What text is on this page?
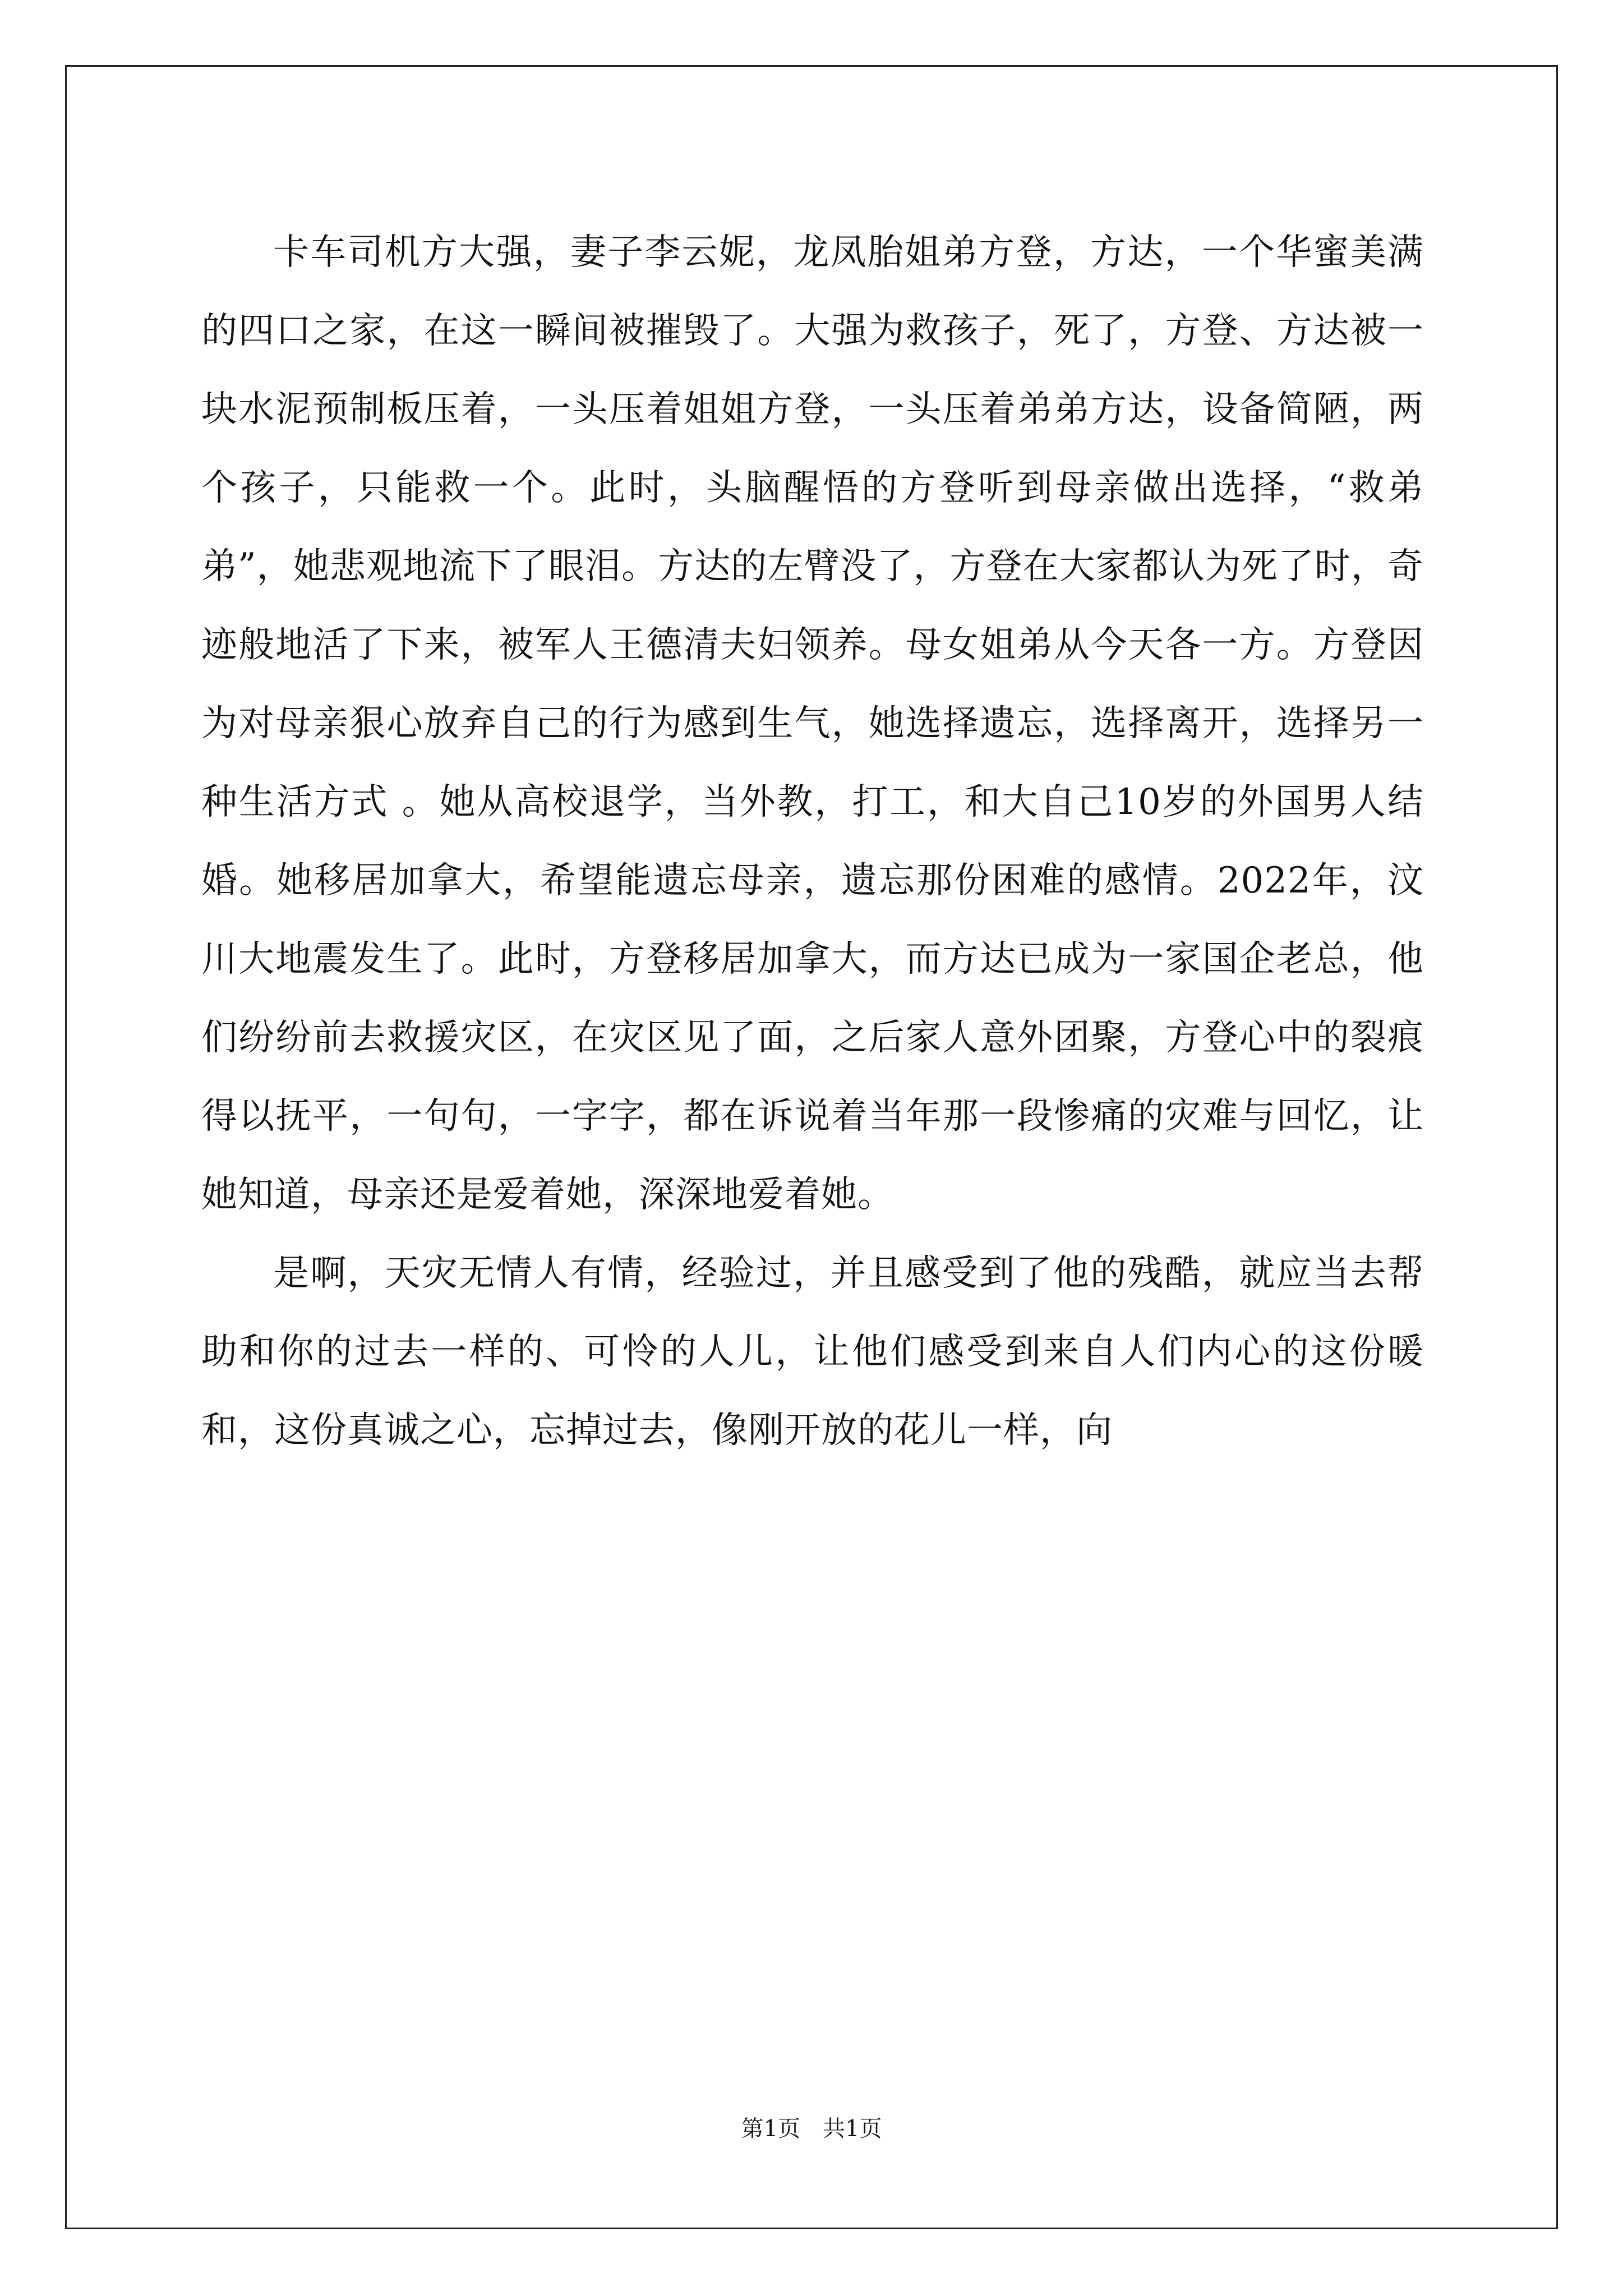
卡车司机方大强，妻子李云妮，龙凤胎姐弟方登，方达，一个华蜜美满的四口之家，在这一瞬间被摧毁了。大强为救孩子，死了，方登、方达被一块水泥预制板压着，一头压着姐姐方登，一头压着弟弟方达，设备简陋，两个孩子，只能救一个。此时，头脑醒悟的方登听到母亲做出选择，“救弟弟”，她悲观地流下了眼泪。方达的左臂没了，方登在大家都认为死了时，奇迹般地活了下来，被军人王德清夫妇领养。母女姐弟从今天各一方。方登因为对母亲狠心放弃自己的行为感到生气，她选择遗忘，选择离开，选择另一种生活方式 。她从高校退学，当外教，打工，和大自己10岁的外国男人结婚。她移居加拿大，希望能遗忘母亲，遗忘那份困难的感情。2022年，汶川大地震发生了。此时，方登移居加拿大，而方达已成为一家国企老总，他们纷纷前去救援灾区，在灾区见了面，之后家人意外团聚，方登心中的裂痕得以抚平，一句句，一字字，都在诉说着当年那一段惨痛的灾难与回忆，让她知道，母亲还是爱着她，深深地爱着她。

是啊，天灾无情人有情，经验过，并且感受到了他的残酷，就应当去帮助和你的过去一样的、可怜的人儿，让他们感受到来自人们内心的这份暖和，这份真诚之心，忘掉过去，像刚开放的花儿一样，向

第1页　共1页
